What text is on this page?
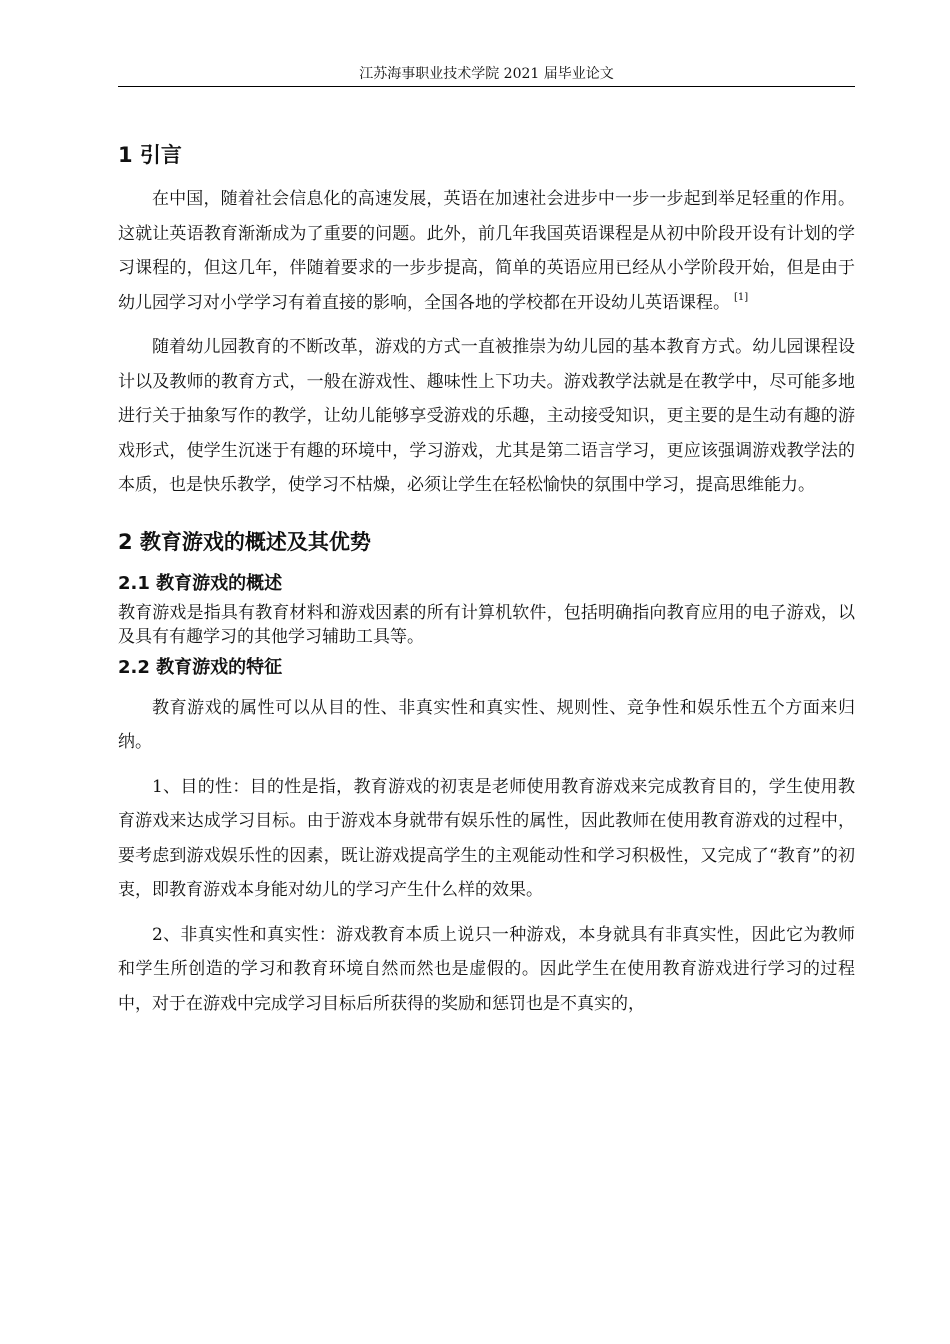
江苏海事职业技术学院 2021 届毕业论文
1 引言

在中国，随着社会信息化的高速发展，英语在加速社会进步中一步一步起到举足轻重的作用。这就让英语教育渐渐成为了重要的问题。此外，前几年我国英语课程是从初中阶段开设有计划的学习课程的，但这几年，伴随着要求的一步步提高，简单的英语应用已经从小学阶段开始，但是由于幼儿园学习对小学学习有着直接的影响，全国各地的学校都在开设幼儿英语课程。 [1]

随着幼儿园教育的不断改革，游戏的方式一直被推崇为幼儿园的基本教育方式。幼儿园课程设计以及教师的教育方式，一般在游戏性、趣味性上下功夫。游戏教学法就是在教学中，尽可能多地进行关于抽象写作的教学，让幼儿能够享受游戏的乐趣，主动接受知识，更主要的是生动有趣的游戏形式，使学生沉迷于有趣的环境中，学习游戏，尤其是第二语言学习，更应该强调游戏教学法的本质，也是快乐教学，使学习不枯燥，必须让学生在轻松愉快的氛围中学习，提高思维能力。

2 教育游戏的概述及其优势
2.1 教育游戏的概述

教育游戏是指具有教育材料和游戏因素的所有计算机软件，包括明确指向教育应用的电子游戏，以及具有有趣学习的其他学习辅助工具等。

2.2 教育游戏的特征

教育游戏的属性可以从目的性、非真实性和真实性、规则性、竞争性和娱乐性五个方面来归纳。

1、目的性：目的性是指，教育游戏的初衷是老师使用教育游戏来完成教育目的，学生使用教育游戏来达成学习目标。由于游戏本身就带有娱乐性的属性，因此教师在使用教育游戏的过程中，要考虑到游戏娱乐性的因素，既让游戏提高学生的主观能动性和学习积极性，又完成了“教育”的初衷，即教育游戏本身能对幼儿的学习产生什么样的效果。

2、非真实性和真实性：游戏教育本质上说只一种游戏，本身就具有非真实性，因此它为教师和学生所创造的学习和教育环境自然而然也是虚假的。因此学生在使用教育游戏进行学习的过程中，对于在游戏中完成学习目标后所获得的奖励和惩罚也是不真实的，
